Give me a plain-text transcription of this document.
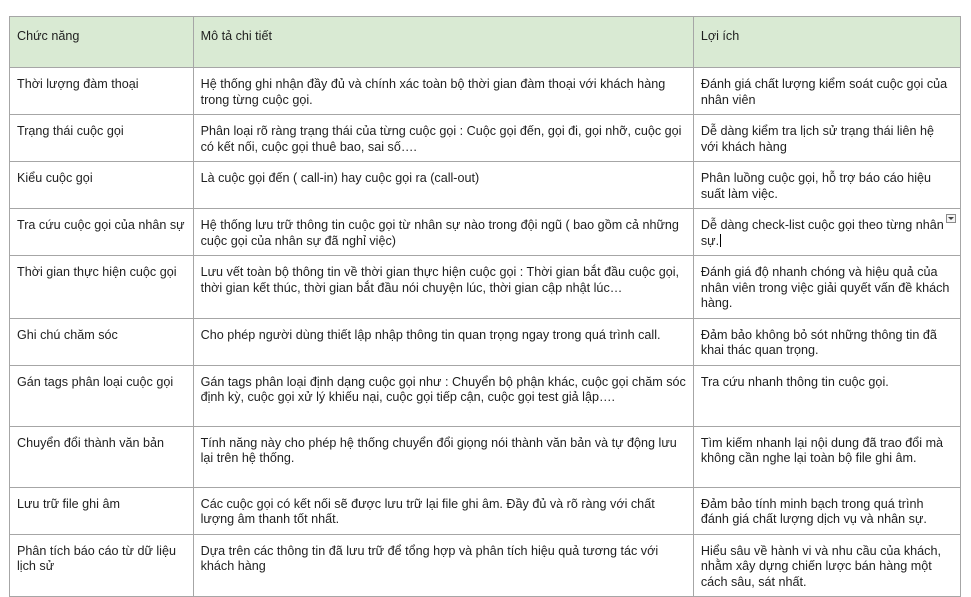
Chức năng	Mô tả chi tiết	Lợi ích
Thời lượng đàm thoại	Hệ thống ghi nhận đầy đủ và chính xác toàn bộ thời gian đàm thoại với khách hàng trong từng cuộc gọi.	Đánh giá chất lượng kiểm soát cuộc gọi của nhân viên
Trạng thái cuộc gọi	Phân loại rõ ràng trạng thái của từng cuộc gọi : Cuộc gọi đến, gọi đi, gọi nhỡ, cuộc gọi có kết nối, cuộc gọi thuê bao, sai số….	Dễ dàng kiểm tra lịch sử trạng thái liên hệ với khách hàng
Kiểu cuộc gọi	Là cuộc gọi đến ( call-in) hay cuộc gọi ra (call-out)	Phân luồng cuộc gọi, hỗ trợ báo cáo hiệu suất làm việc.
Tra cứu cuộc gọi của nhân sự	Hệ thống lưu trữ thông tin cuộc gọi từ nhân sự nào trong đội ngũ ( bao gồm cả những cuộc gọi của nhân sự đã nghỉ việc)	Dễ dàng check-list cuộc gọi theo từng nhân sự.

Thời gian thực hiện cuộc gọi	Lưu vết toàn bộ thông tin về thời gian thực hiện cuộc gọi : Thời gian bắt đầu cuộc gọi, thời gian kết thúc, thời gian bắt đầu nói chuyện lúc, thời gian cập nhật lúc…	Đánh giá độ nhanh chóng và hiệu quả của nhân viên trong việc giải quyết vấn đề khách hàng.
Ghi chú chăm sóc	Cho phép người dùng thiết lập nhập thông tin quan trọng ngay trong quá trình call.	Đảm bảo không bỏ sót những thông tin đã khai thác quan trọng.
Gán tags phân loại cuộc gọi	Gán tags phân loại định dạng cuộc gọi như : Chuyển bộ phận khác, cuộc gọi chăm sóc định kỳ, cuộc gọi xử lý khiếu nại, cuộc gọi tiếp cận, cuộc gọi test giả lập….	Tra cứu nhanh thông tin cuộc gọi.
Chuyển đổi thành văn bản	Tính năng này cho phép hệ thống chuyển đổi giọng nói thành văn bản và tự động lưu lại trên hệ thống.	Tìm kiếm nhanh lại nội dung đã trao đổi mà không cần nghe lại toàn bộ file ghi âm.
Lưu trữ file ghi âm	Các cuộc gọi có kết nối sẽ được lưu trữ lại file ghi âm. Đầy đủ và rõ ràng với chất lượng âm thanh tốt nhất.	Đảm bảo tính minh bạch trong quá trình đánh giá chất lượng dịch vụ và nhân sự.
Phân tích báo cáo từ dữ liệu lịch sử	Dựa trên các thông tin đã lưu trữ để tổng hợp và phân tích hiệu quả tương tác với khách hàng	Hiểu sâu về hành vi và nhu cầu của khách, nhằm xây dựng chiến lược bán hàng một cách sâu, sát nhất.
